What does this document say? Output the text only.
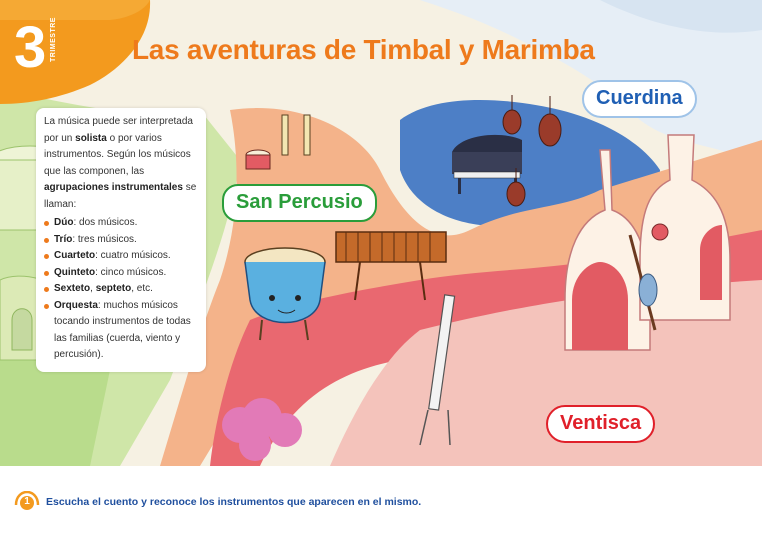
3 TRIMESTRE	Las aventuras de Timbal y Marimba

La música puede ser interpretada por un solista o por varios instrumentos. Según los músicos que las componen, las agrupaciones instrumentales se llaman:

Dúo: dos músicos.
Trío: tres músicos.
Cuarteto: cuatro músicos.
Quinteto: cinco músicos.
Sexteto, septeto, etc.
Orquesta: muchos músicos tocando instrumentos de todas las familias (cuerda, viento y percusión).
San Percusio
Cuerdina
Ventisca
1	Escucha el cuento y reconoce los instrumentos que aparecen en el mismo.
